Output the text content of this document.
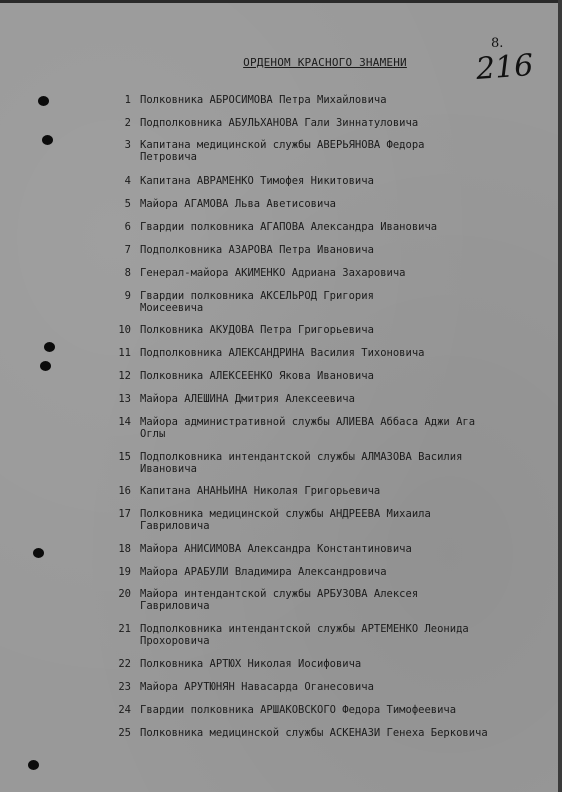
8.
216
ОРДЕНОМ КРАСНОГО ЗНАМЕНИ
1 Полковника АБРОСИМОВА Петра Михайловича
2 Подполковника АБУЛЬХАНОВА Гали Зиннатуловича
3 Капитана медицинской службы АВЕРЬЯНОВА Федора
Петровича
4 Капитана АВРАМЕНКО Тимофея Никитовича
5 Майора АГАМОВА Льва Аветисовича
6 Гвардии полковника АГАПОВА Александра Ивановича
7 Подполковника АЗАРОВА Петра Ивановича
8 Генерал-майора АКИМЕНКО Адриана Захаровича
9 Гвардии полковника АКСЕЛЬРОД Григория
Моисеевича
10 Полковника АКУДОВА Петра Григорьевича
11 Подполковника АЛЕКСАНДРИНА Василия Тихоновича
12 Полковника АЛЕКСЕЕНКО Якова Ивановича
13 Майора АЛЕШИНА Дмитрия Алексеевича
14 Майора административной службы АЛИЕВА Аббаса Аджи Ага
Оглы
15 Подполковника интендантской службы АЛМАЗОВА Василия
Ивановича
16 Капитана АНАНЬИНА Николая Григорьевича
17 Полковника медицинской службы АНДРЕЕВА Михаила
Гавриловича
18 Майора АНИСИМОВА Александра Константиновича
19 Майора АРАБУЛИ Владимира Александровича
20 Майора интендантской службы АРБУЗОВА Алексея
Гавриловича
21 Подполковника интендантской службы АРТЕМЕНКО Леонида
Прохоровича
22 Полковника АРТЮХ Николая Иосифовича
23 Майора АРУТЮНЯН Навасарда Оганесовича
24 Гвардии полковника АРШАКОВСКОГО Федора Тимофеевича
25 Полковника медицинской службы АСКЕНАЗИ Генеха Берковича
